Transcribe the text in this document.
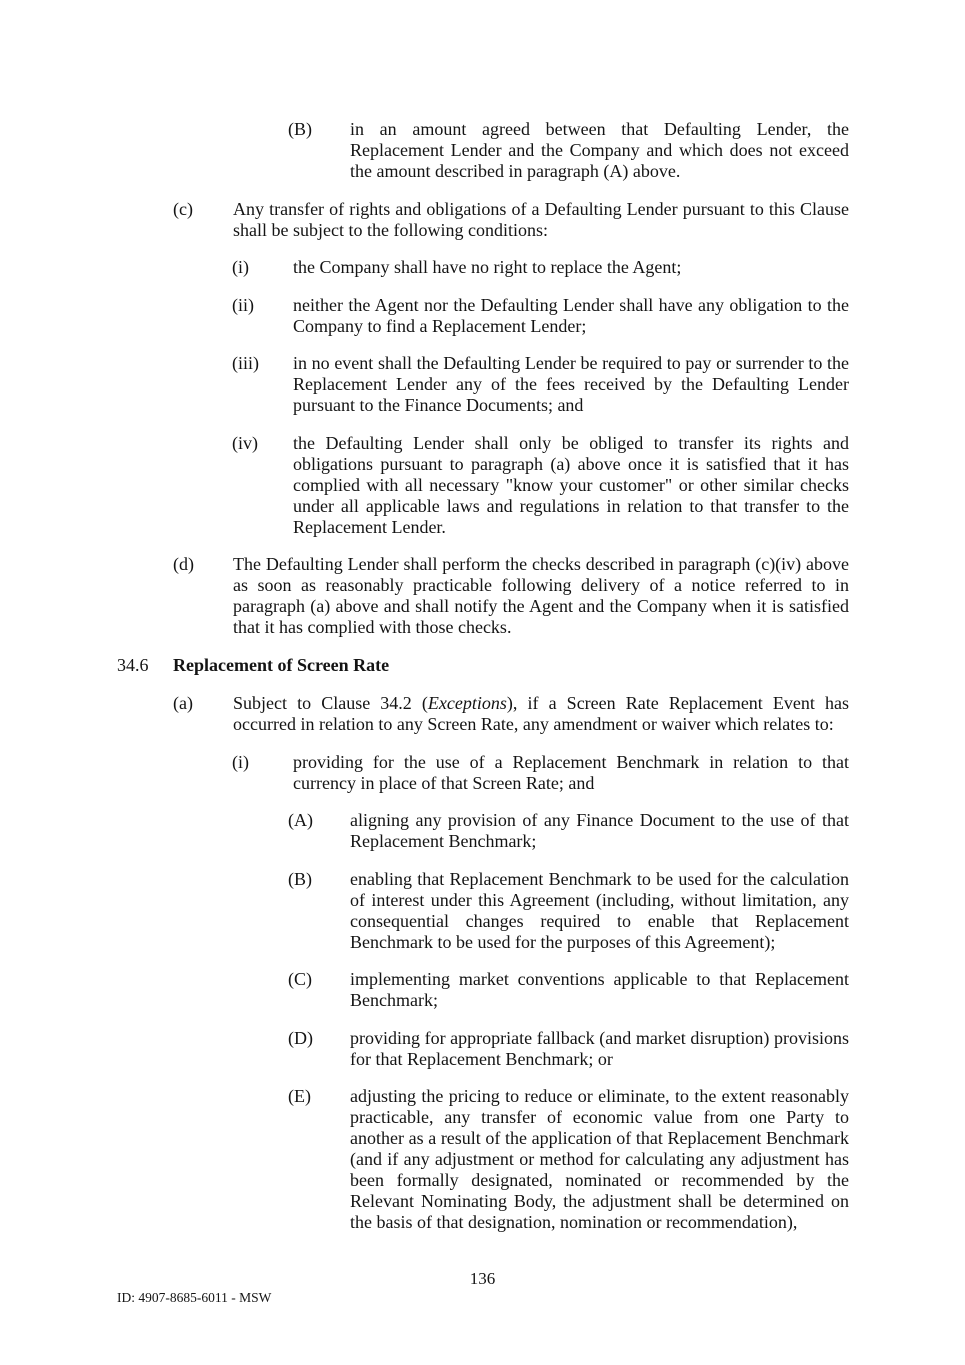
(B) in an amount agreed between that Defaulting Lender, the Replacement Lender and the Company and which does not exceed the amount described in paragraph (A) above.
(c) Any transfer of rights and obligations of a Defaulting Lender pursuant to this Clause shall be subject to the following conditions:
(i) the Company shall have no right to replace the Agent;
(ii) neither the Agent nor the Defaulting Lender shall have any obligation to the Company to find a Replacement Lender;
(iii) in no event shall the Defaulting Lender be required to pay or surrender to the Replacement Lender any of the fees received by the Defaulting Lender pursuant to the Finance Documents; and
(iv) the Defaulting Lender shall only be obliged to transfer its rights and obligations pursuant to paragraph (a) above once it is satisfied that it has complied with all necessary "know your customer" or other similar checks under all applicable laws and regulations in relation to that transfer to the Replacement Lender.
(d) The Defaulting Lender shall perform the checks described in paragraph (c)(iv) above as soon as reasonably practicable following delivery of a notice referred to in paragraph (a) above and shall notify the Agent and the Company when it is satisfied that it has complied with those checks.
34.6 Replacement of Screen Rate
(a) Subject to Clause 34.2 (Exceptions), if a Screen Rate Replacement Event has occurred in relation to any Screen Rate, any amendment or waiver which relates to:
(i) providing for the use of a Replacement Benchmark in relation to that currency in place of that Screen Rate; and
(A) aligning any provision of any Finance Document to the use of that Replacement Benchmark;
(B) enabling that Replacement Benchmark to be used for the calculation of interest under this Agreement (including, without limitation, any consequential changes required to enable that Replacement Benchmark to be used for the purposes of this Agreement);
(C) implementing market conventions applicable to that Replacement Benchmark;
(D) providing for appropriate fallback (and market disruption) provisions for that Replacement Benchmark; or
(E) adjusting the pricing to reduce or eliminate, to the extent reasonably practicable, any transfer of economic value from one Party to another as a result of the application of that Replacement Benchmark (and if any adjustment or method for calculating any adjustment has been formally designated, nominated or recommended by the Relevant Nominating Body, the adjustment shall be determined on the basis of that designation, nomination or recommendation),
136
ID: 4907-8685-6011 - MSW
